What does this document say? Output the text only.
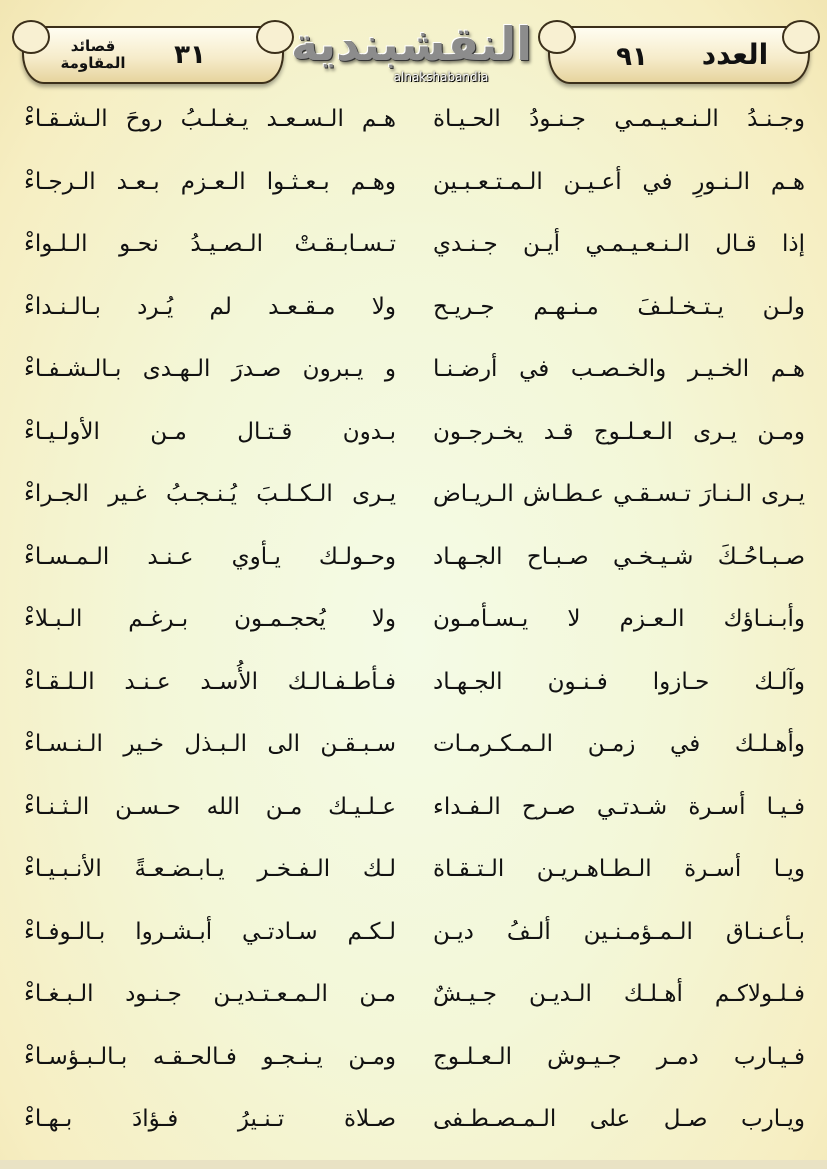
قصائد
المقاومة	٣١	العدد
٩١
النقشبندية
alnakshabandia
وجـنـدُ الـنـعـيـمـي جـنـودُ الحـيـاة
هـم الـسـعـد يـغـلـبُ روحَ الـشـقـاءْ
هـم الـنـورِ في أعـيـن الـمـتـعـبـين
وهـم بـعـثـوا الـعـزم بـعـد الـرجـاءْ
إذا قـال الـنـعـيـمـي أيـن جـنـدي
تـسـابـقـتْ الـصـيـدُ نحـو الـلـواءْ
ولـن يـتـخـلـفَ مـنـهـم جـريـح
ولا مـقـعـد لم يُـرد بـالـنـداءْ
هـم الخـيـر والخـصـب في أرضـنـا
و يـبرون صـدرَ الـهـدى بـالـشـفـاءْ
ومـن يـرى الـعـلـوج قـد يخـرجـون
بـدون قـتـال مـن الأولـيـاءْ
يـرى الـنـارَ تـسـقـي عـطـاش الـريـاض
يـرى الـكـلـبَ يُـنـجـبُ غـير الجـراءْ
صـبـاحُـكَ شـيـخـي صـبـاح الجـهـاد
وحـولـك يـأوي عـنـد الـمـسـاءْ
وأبـنـاؤك الـعـزم لا يـسـأمـون
ولا يُحجـمـون بـرغـم الـبـلاءْ
وآلـك حـازوا فـنـون الجـهـاد
فـأطـفـالـك الأُسـد عـنـد الـلـقـاءْ
وأهـلـك في زمـن الـمـكـرمـات
سـبـقـن الى الـبـذل خـير الـنـسـاءْ
فـيـا أسـرة شـدتـي صـرح الـفـداء
عـلـيـك مـن الله حـسـن الـثـنـاءْ
ويـا أسـرة الـطـاهـريـن الـتـقـاة
لـك الـفـخـر يـابـضـعـةً الأنـبـيـاءْ
بـأعـنـاق الـمـؤمـنـين ألـفُ ديـن
لـكـم سـادتـي أبـشـروا بـالـوفـاءْ
فـلـولاكـم أهـلـك الـديـن جـيـشٌ
مـن الـمـعـتـديـن جـنـود الـبـغـاءْ
فـيـارب دمـر جـيـوش الـعـلـوج
ومـن يـنـجـو فـالحـقـه بـالـبـؤسـاءْ
ويـارب صـل على الـمـصـطـفى
صـلاة تـنـيرُ فـؤادَ بـهـاءْ
